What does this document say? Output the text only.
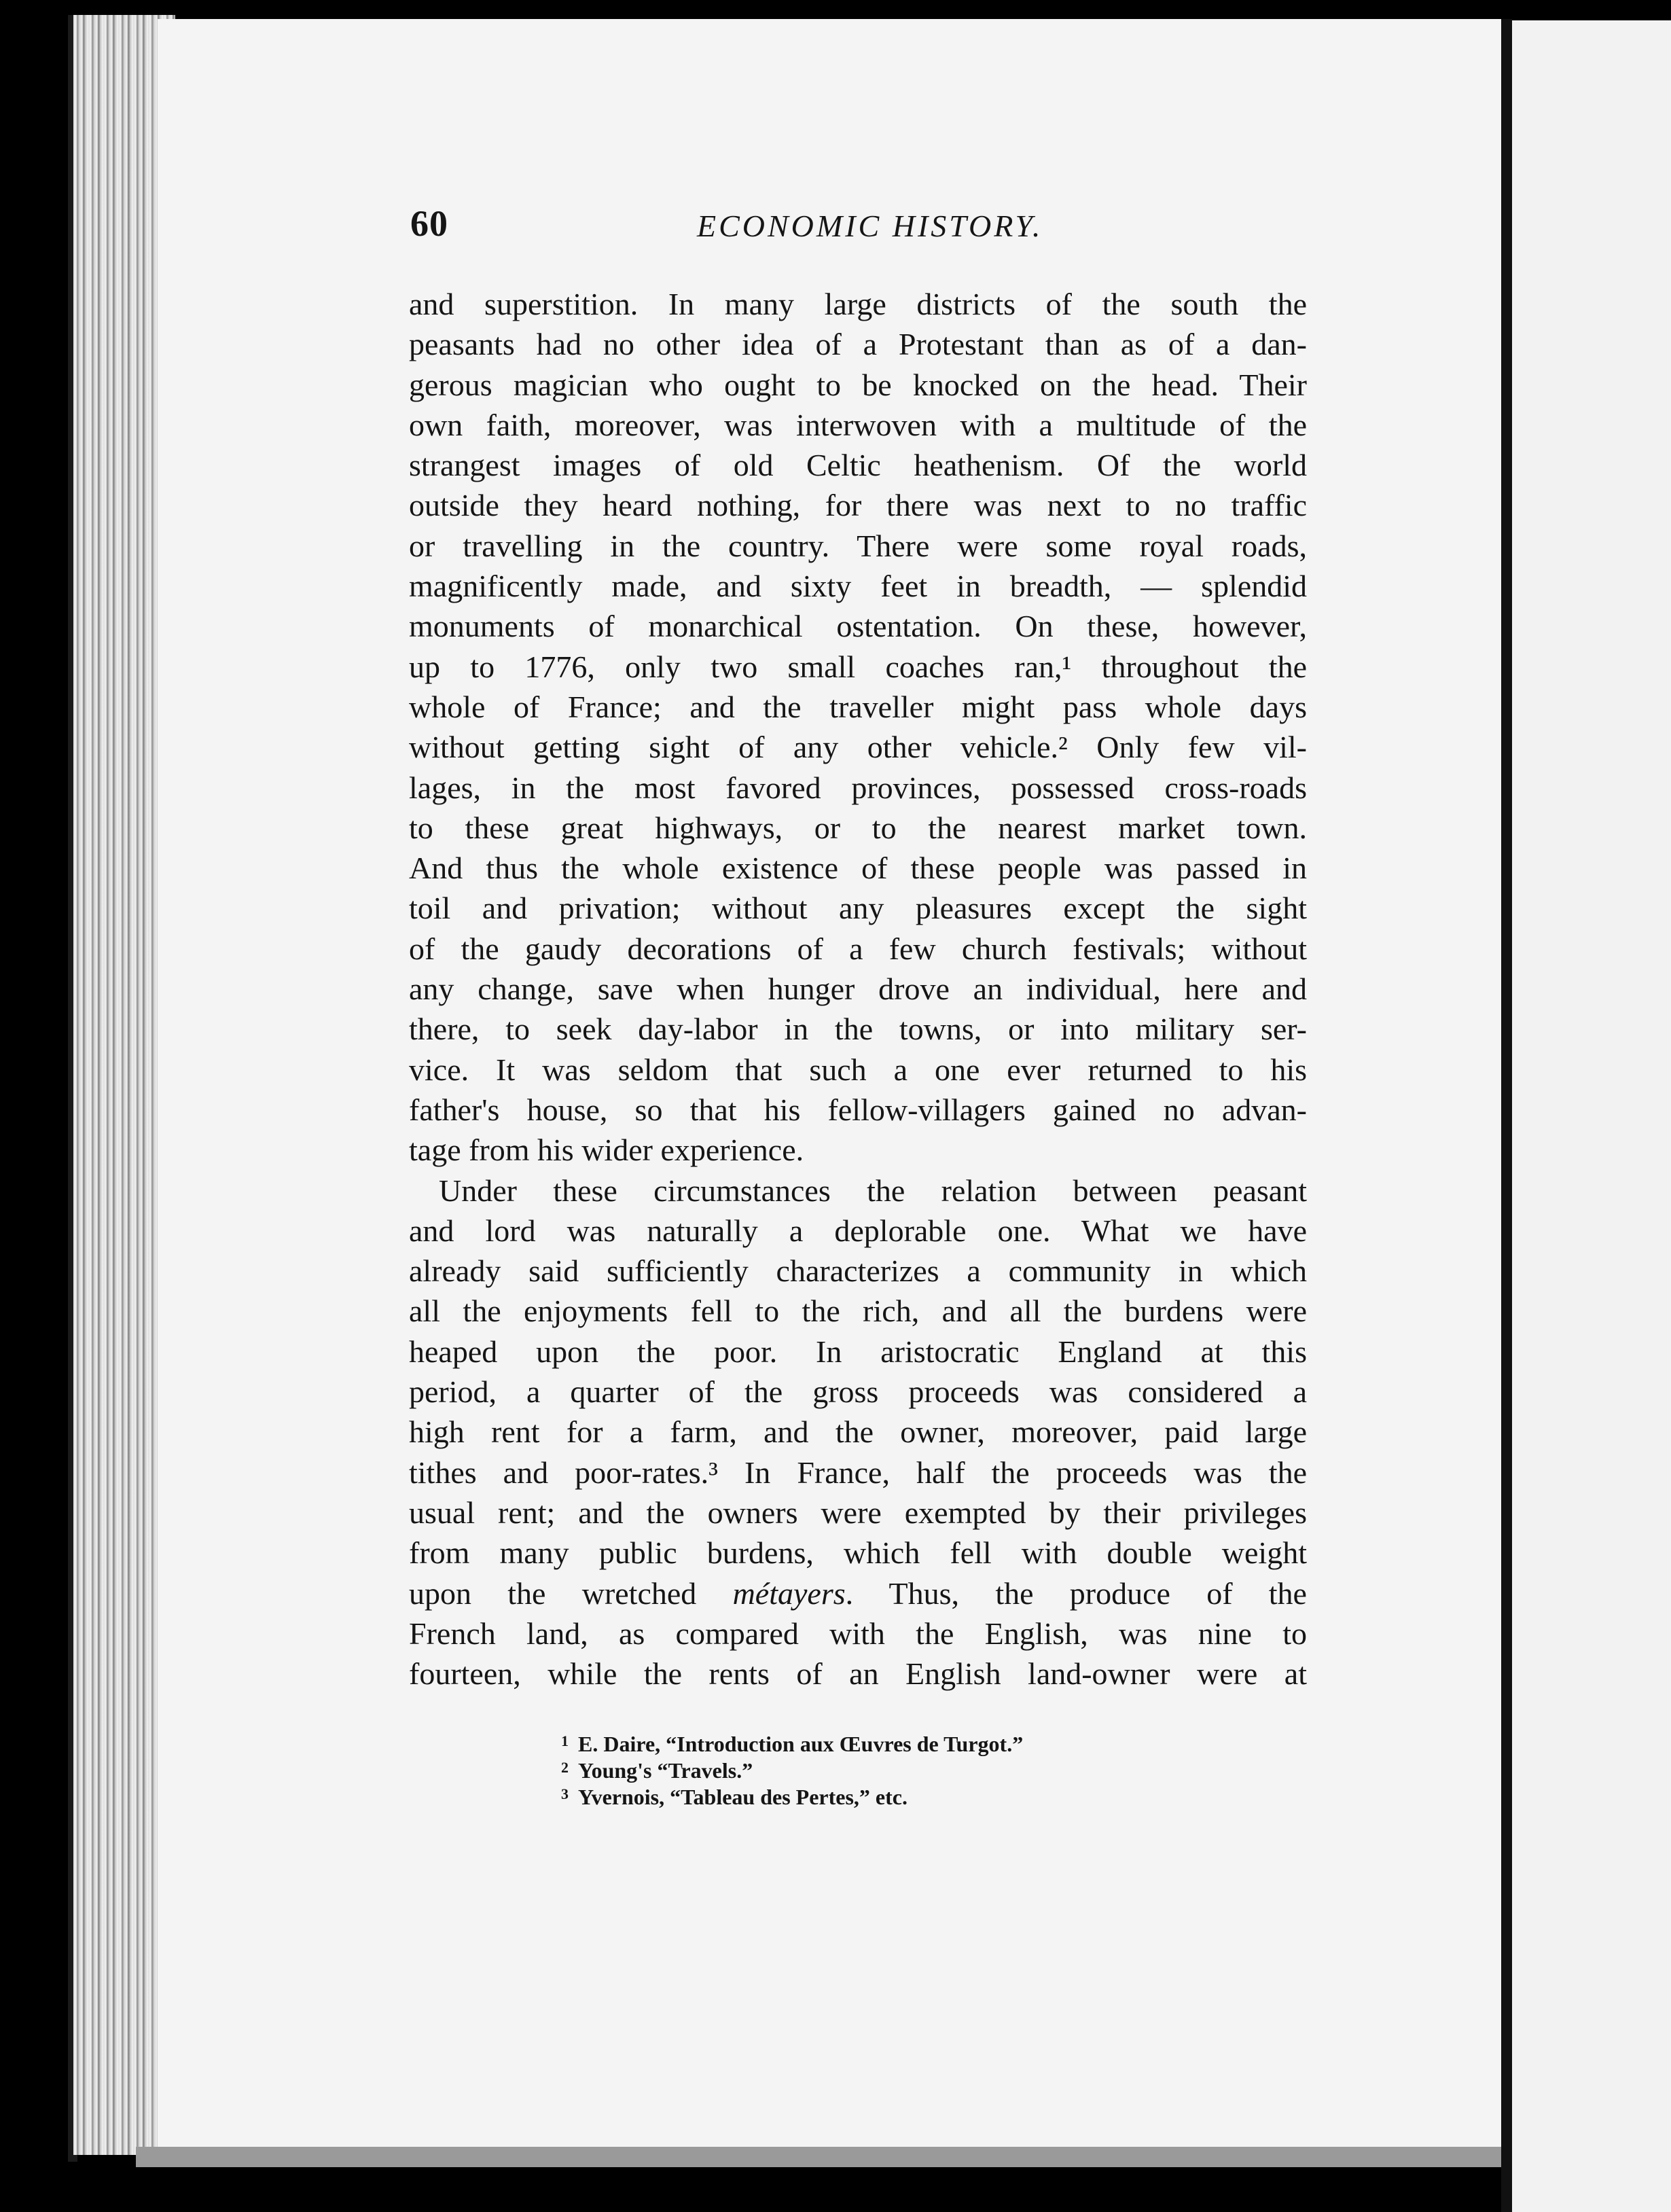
60	ECONOMIC HISTORY.
and superstition. In many large districts of the south the
peasants had no other idea of a Protestant than as of a dan-
gerous magician who ought to be knocked on the head. Their
own faith, moreover, was interwoven with a multitude of the
strangest images of old Celtic heathenism. Of the world
outside they heard nothing, for there was next to no traffic
or travelling in the country. There were some royal roads,
magnificently made, and sixty feet in breadth, — splendid
monuments of monarchical ostentation. On these, however,
up to 1776, only two small coaches ran,¹ throughout the
whole of France; and the traveller might pass whole days
without getting sight of any other vehicle.² Only few vil-
lages, in the most favored provinces, possessed cross-roads
to these great highways, or to the nearest market town.
And thus the whole existence of these people was passed in
toil and privation; without any pleasures except the sight
of the gaudy decorations of a few church festivals; without
any change, save when hunger drove an individual, here and
there, to seek day-labor in the towns, or into military ser-
vice. It was seldom that such a one ever returned to his
father's house, so that his fellow-villagers gained no advan-
tage from his wider experience.
Under these circumstances the relation between peasant
and lord was naturally a deplorable one. What we have
already said sufficiently characterizes a community in which
all the enjoyments fell to the rich, and all the burdens were
heaped upon the poor. In aristocratic England at this
period, a quarter of the gross proceeds was considered a
high rent for a farm, and the owner, moreover, paid large
tithes and poor-rates.³ In France, half the proceeds was the
usual rent; and the owners were exempted by their privileges
from many public burdens, which fell with double weight
upon the wretched métayers. Thus, the produce of the
French land, as compared with the English, was nine to
fourteen, while the rents of an English land-owner were at
$^1$ E. Daire, “Introduction aux Œuvres de Turgot.”
$^2$ Young's “Travels.”
$^3$ Yvernois, “Tableau des Pertes,” etc.
